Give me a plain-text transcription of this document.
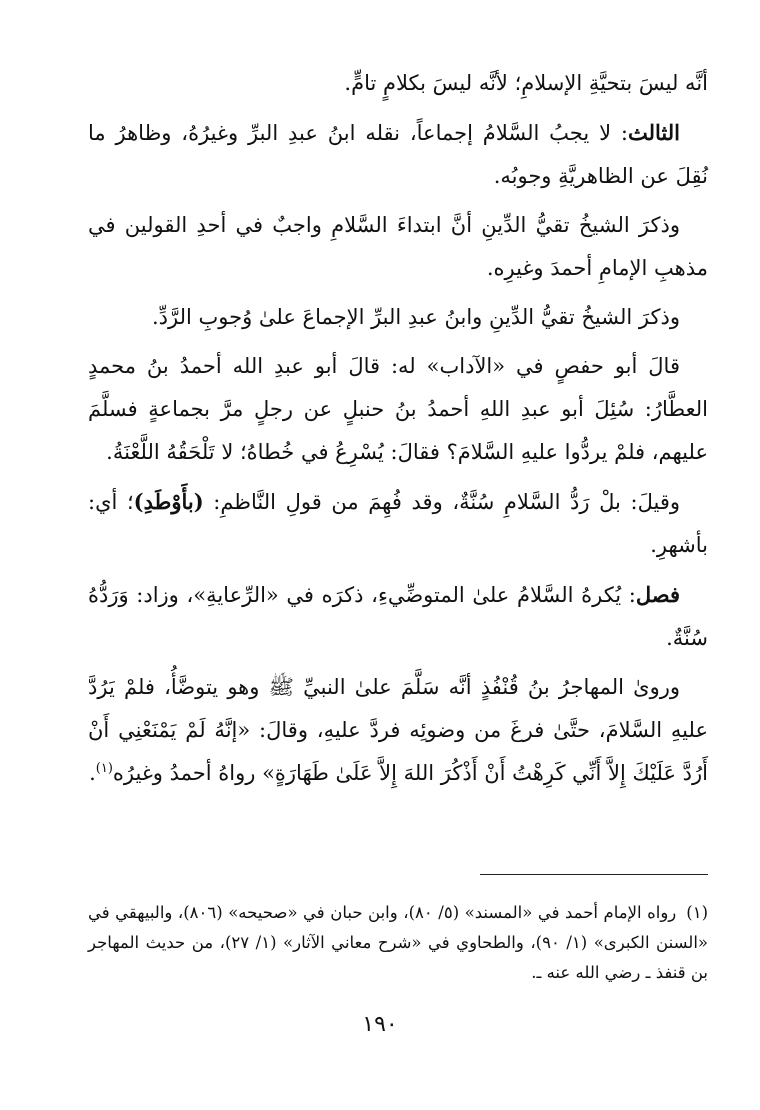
أنَّه ليسَ بتحيَّةِ الإسلامِ؛ لأنَّه ليسَ بكلامٍ تامٍّ.

الثالث: لا يجبُ السَّلامُ إجماعاً، نقله ابنُ عبدِ البرِّ وغيرُهُ، وظاهرُ ما نُقِلَ عن الظاهريَّةِ وجوبُه.

وذكرَ الشيخُ تقيُّ الدِّينِ أنَّ ابتداءَ السَّلامِ واجبٌ في أحدِ القولين في مذهبِ الإمامِ أحمدَ وغيرِه.

وذكرَ الشيخُ تقيُّ الدِّينِ وابنُ عبدِ البرِّ الإجماعَ علىٰ وُجوبِ الرَّدِّ.

قالَ أبو حفصٍ في «الآداب» له: قالَ أبو عبدِ الله أحمدُ بنُ محمدٍ العطَّارُ: سُئِلَ أبو عبدِ اللهِ أحمدُ بنُ حنبلٍ عن رجلٍ مرَّ بجماعةٍ فسلَّمَ عليهم، فلمْ يردُّوا عليهِ السَّلامَ؟ فقالَ: يُسْرِعُ في خُطاهُ؛ لا تَلْحَقُهُ اللَّعْنَةُ.

وقيلَ: بلْ رَدُّ السَّلامِ سُنَّةٌ، وقد فُهِمَ من قولِ النَّاظمِ: (بأَوْطَدِ)؛ أي: بأشهرِ.

فصل: يُكرهُ السَّلامُ علىٰ المتوضِّيءِ، ذكرَه في «الرِّعايةِ»، وزاد: وَرَدُّهُ سُنَّةٌ.

وروىٰ المهاجرُ بنُ قُنْفُذٍ أنَّه سَلَّمَ علىٰ النبيِّ ﷺ وهو يتوضَّأُ، فلمْ يَرُدَّ عليهِ السَّلامَ، حتَّىٰ فرغَ من وضوئِه فردَّ عليهِ، وقالَ: «إنَّهُ لَمْ يَمْنَعْنِي أَنْ أَرُدَّ عَلَيْكَ إِلاَّ أَنِّي كَرِهْتُ أَنْ أَذْكُرَ اللهَ إِلاَّ عَلَىٰ طَهَارَةٍ» رواهُ أحمدُ وغيرُه$^{(١)}$.

(١)رواه الإمام أحمد في «المسند» (٥/ ٨٠)، وابن حبان في «صحيحه» (٨٠٦)، والبيهقي في «السنن الكبرى» (١/ ٩٠)، والطحاوي في «شرح معاني الآثار» (١/ ٢٧)، من حديث المهاجر بن قنفذ ـ رضي الله عنه ـ.
١٩٠
